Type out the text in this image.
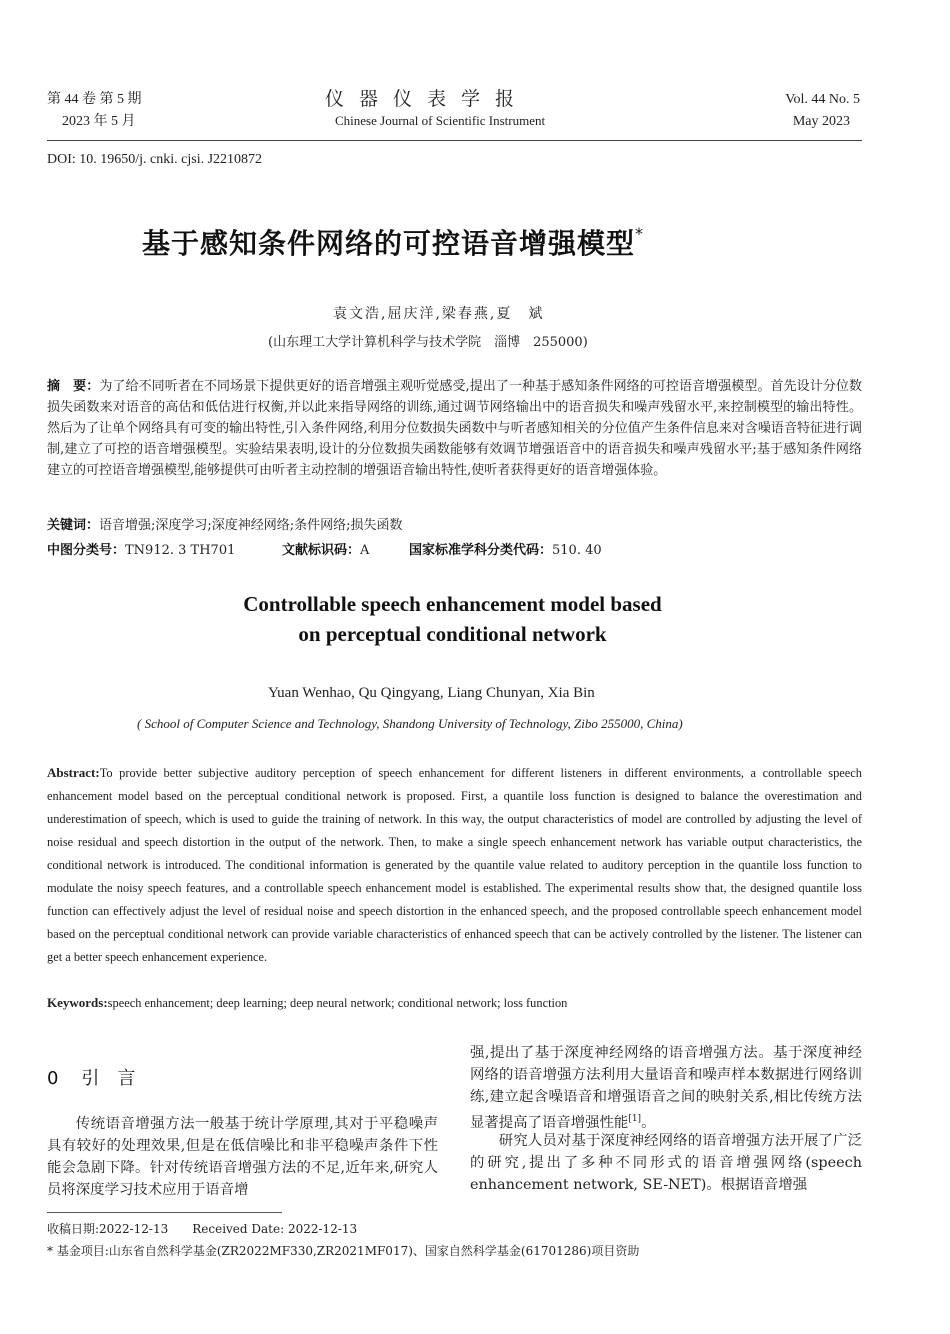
第 44 卷 第 5 期
2023 年 5 月
仪器仪表学报
Chinese Journal of Scientific Instrument
Vol. 44 No. 5
May 2023
DOI: 10. 19650/j. cnki. cjsi. J2210872
基于感知条件网络的可控语音增强模型*
袁文浩,屈庆洋,梁春燕,夏　斌
(山东理工大学计算机科学与技术学院　淄博　255000)
摘　要：为了给不同听者在不同场景下提供更好的语音增强主观听觉感受,提出了一种基于感知条件网络的可控语音增强模型。首先设计分位数损失函数来对语音的高估和低估进行权衡,并以此来指导网络的训练,通过调节网络输出中的语音损失和噪声残留水平,来控制模型的输出特性。然后为了让单个网络具有可变的输出特性,引入条件网络,利用分位数损失函数中与听者感知相关的分位值产生条件信息来对含噪语音特征进行调制,建立了可控的语音增强模型。实验结果表明,设计的分位数损失函数能够有效调节增强语音中的语音损失和噪声残留水平;基于感知条件网络建立的可控语音增强模型,能够提供可由听者主动控制的增强语音输出特性,使听者获得更好的语音增强体验。
关键词：语音增强;深度学习;深度神经网络;条件网络;损失函数
中图分类号：TN912. 3 TH701	文献标识码：A	国家标准学科分类代码：510. 40
Controllable speech enhancement model based
on perceptual conditional network
Yuan Wenhao, Qu Qingyang, Liang Chunyan, Xia Bin
( School of Computer Science and Technology, Shandong University of Technology, Zibo 255000, China)
Abstract:To provide better subjective auditory perception of speech enhancement for different listeners in different environments, a controllable speech enhancement model based on the perceptual conditional network is proposed. First, a quantile loss function is designed to balance the overestimation and underestimation of speech, which is used to guide the training of network. In this way, the output characteristics of model are controlled by adjusting the level of noise residual and speech distortion in the output of the network. Then, to make a single speech enhancement network has variable output characteristics, the conditional network is introduced. The conditional information is generated by the quantile value related to auditory perception in the quantile loss function to modulate the noisy speech features, and a controllable speech enhancement model is established. The experimental results show that, the designed quantile loss function can effectively adjust the level of residual noise and speech distortion in the enhanced speech, and the proposed controllable speech enhancement model based on the perceptual conditional network can provide variable characteristics of enhanced speech that can be actively controlled by the listener. The listener can get a better speech enhancement experience.
Keywords:speech enhancement; deep learning; deep neural network; conditional network; loss function
0 引　言
传统语音增强方法一般基于统计学原理,其对于平稳噪声具有较好的处理效果,但是在低信噪比和非平稳噪声条件下性能会急剧下降。针对传统语音增强方法的不足,近年来,研究人员将深度学习技术应用于语音增
强,提出了基于深度神经网络的语音增强方法。基于深度神经网络的语音增强方法利用大量语音和噪声样本数据进行网络训练,建立起含噪语音和增强语音之间的映射关系,相比传统方法显著提高了语音增强性能[1]。
研究人员对基于深度神经网络的语音增强方法开展了广泛的研究,提出了多种不同形式的语音增强网络(speech enhancement network, SE-NET)。根据语音增强
收稿日期:2022-12-13　　Received Date: 2022-12-13
* 基金项目:山东省自然科学基金(ZR2022MF330,ZR2021MF017)、国家自然科学基金(61701286)项目资助
